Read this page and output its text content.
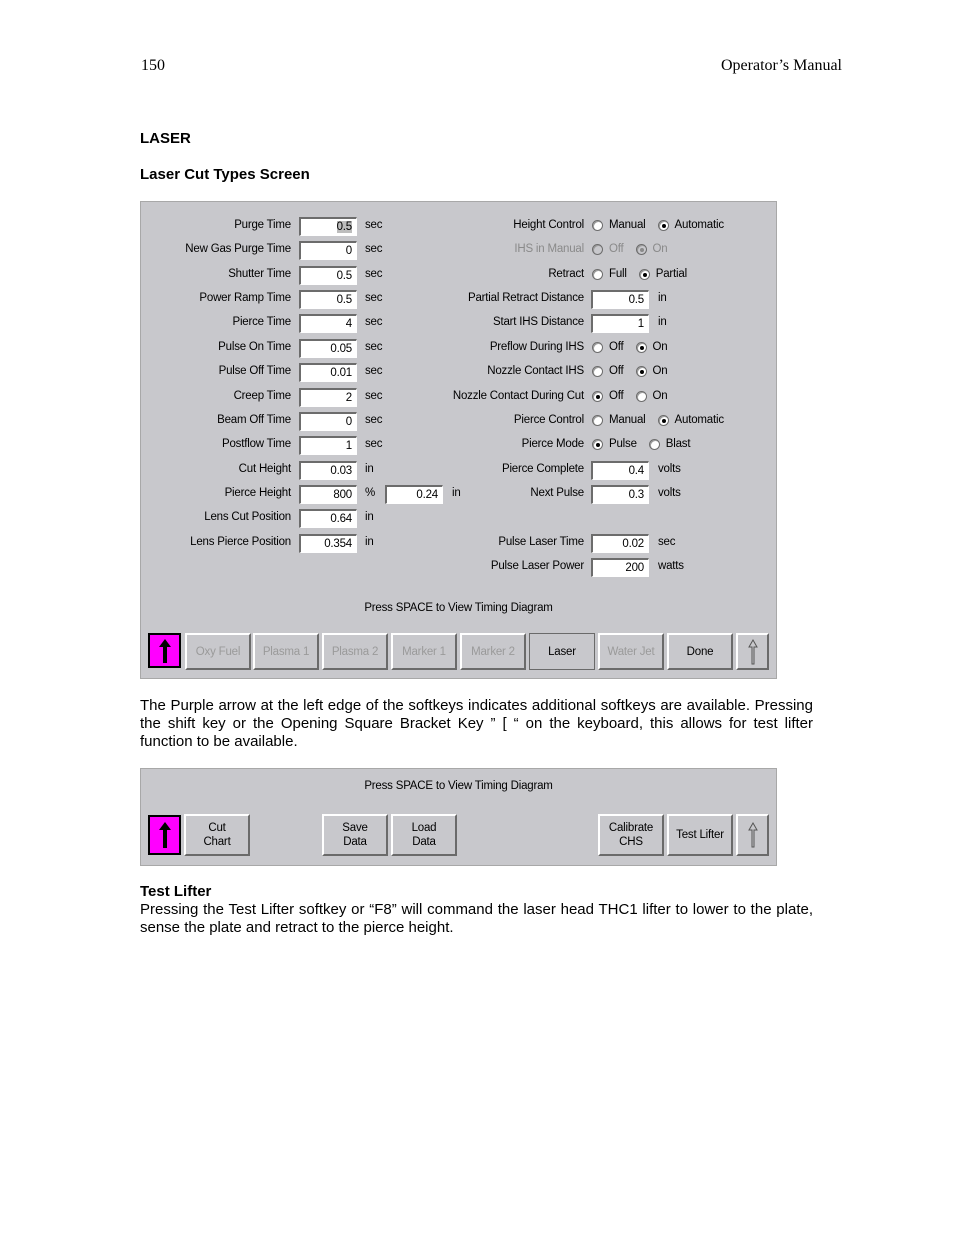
150	Operator’s Manual
LASER
Laser Cut Types Screen
Purge Time	0.5	sec
New Gas Purge Time	0	sec
Shutter Time	0.5	sec
Power Ramp Time	0.5	sec
Pierce Time	4	sec
Pulse On Time	0.05	sec
Pulse Off Time	0.01	sec
Creep Time	2	sec
Beam Off Time	0	sec
Postflow Time	1	sec
Cut Height	0.03	in
Pierce Height	800	%	0.24	in
Lens Cut Position	0.64	in
Lens Pierce Position	0.354	in
Height Control Manual	Automatic
IHS in Manual Off	On
Retract Full	Partial
Partial Retract Distance	0.5	in
Start IHS Distance	1	in
Preflow During IHS Off	On
Nozzle Contact IHS Off	On
Nozzle Contact During Cut Off	On
Pierce Control Manual	Automatic
Pierce Mode Pulse	Blast
Pierce Complete	0.4	volts
Next Pulse	0.3	volts
Pulse Laser Time	0.02	sec
Pulse Laser Power	200	watts
Press SPACE to View Timing Diagram
Oxy Fuel	Plasma 1	Plasma 2	Marker 1	Marker 2	Laser	Water Jet	Done
The Purple arrow at the left edge of the softkeys indicates additional softkeys are available. Pressing the shift key or the Opening Square Bracket Key ” [ “ on the keyboard, this allows for test lifter function to be available.
Press SPACE to View Timing Diagram
Cut
Chart
Save
Data
Load
Data
Calibrate
CHS
Test Lifter
Test Lifter
Pressing the Test Lifter softkey or “F8” will command the laser head THC1 lifter to lower to the plate, sense the plate and retract to the pierce height.
